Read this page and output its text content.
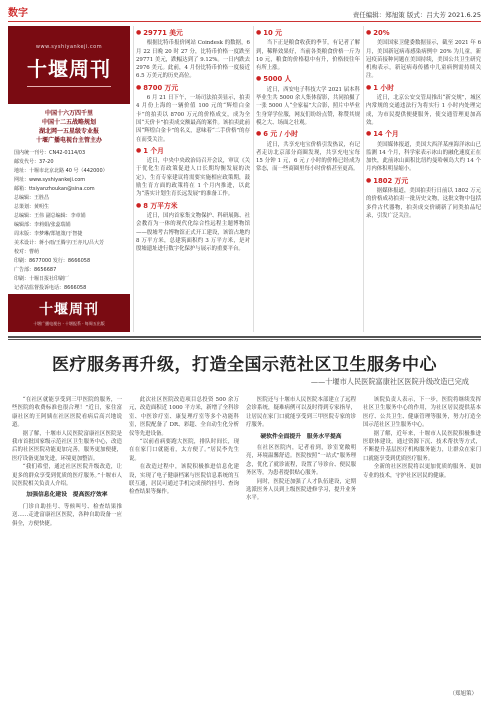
数字	责任编辑：郑旭策 版式：吕大芳 2021.6.25
www.syshiyankeji.com
十堰周刊
中国十六万四千里
中国十二五战略规划
湖北网一五星级专业报
十堰广播电视台主管主办
国内统一刊号：CN42-0114/03
邮发代号：37-20
地址：十堰市北京北路 40 号（442000）
网址：www.syshiyankeji.com
邮箱：ttsiyanzhoukan@sina.com
总编辑：王胜昌
总策划：黄明生
总编辑：王伟 副总编辑：李章娟
编辑部：李莉娟/张蕊瑞娟
周末版：李梦琳/郑旭策/于智捷
美术设计：蒋小雨/王腾宇/王亦凡/吕大芳
校对：曹萌
印刷：8677000 发行：8666058
广告部：8656687
印刷：十堰日报社印刷厂
记者站监督投诉电话：8666058
十堰周刊
十堰广播电视台 · 十堰报系 · 每周五出版
● 29771 美元

根据比特币报价网站 Coindesk 的数据，6 月 22 日晚 20 时 27 分，比特币价格一度跌至 29771 美元，跌幅达到了 9.12%。一日内跌去 2976 美元。此前，4 月份比特币价格一度接近 6.5 万美元的历史高位。

● 8700 万元

6 月 21 日下午，一场司法拍卖显示，拍卖 4 月份上海的一辆价值 100 元的“辉煌白金卡”的拍卖以 8700 万元的价格成交，成为全国“天价卡”拍卖成交额最高的案件。该拍卖此前因“辉煌白金卡”的名义，意味着“二手价格”的存在而受关注。

● 1 个月

近日，中央中央政治局召开会议，审议《关于优化生育政策促进人口长期均衡发展的决定》，生育专家建议将需要实施相应政策期，鼓励生育方面的政策将在 1 个月内推进，以此为“落实计划生育长远发展”的准备工作。

● 8 万平方米

近日，国内首家集文物保护、科研展陈、社会教育为一体的现代化综合性远程主题博物馆——殷墟考古博物馆正式开工建设，该馆占地约 8 万平方米，总建筑面积约 3 万平方米，是对殷墟遗址进行数字化保护与展示的重要平台。

● 10 元

当下正是粮食收获的季节，有记者了解到，稀释效果好，当前各类粮食价格一斤为 10 元，粮食的价格稳中有升，价格较往年有所上涨。

● 5000 人

近日，西安电子科技大学 2021 届本科毕业生共 5000 余人集体留影，共同拍摄了一张 5000 人“全家福”大合影，照片中毕业生身穿学位服，网友们纷纷点赞，称赞其规模之大、场面之壮观。

● 6 元 / 小时

近日，共享充电宝价格引发热议，有记者走访北京部分商圈发现，共享充电宝每 15 分钟 1 元，6 元 / 小时的价格已经成为常态，而一些商圈里每小时价格甚至更高。

● 20%

美国国家卫健委数据显示，截至 2021 年 6 月，美国新冠病毒感染病例中 20% 为儿童，新冠疫苗接种问题在美国持续，美国公共卫生研究机构表示，新冠病毒传播中儿童病例需持续关注。

● 1 小时

近日，北京公安交管局推出“新交规”，城区内常规的交通违法行为将实行 1 小时内处理完成，为市民提供便捷服务，使交通管理更加高效。

● 14 个月

美国媒体报道，美国大西洋某座海洋冰山已监测 14 个月，科学家表示冰山的融化速度正在加快，此前冰山面积比纽约曼哈顿岛大约 14 个月内体积明显缩小。

● 1802 万元

据媒体报道，美国拍卖行日前以 1802 万元的价格成功拍卖一批历史文物，这批文物中包括多件古代器物，拍卖成交价刷新了同类拍品纪录，引发广泛关注。

医疗服务再升级，打造全国示范社区卫生服务中心
——十堰市人民医院富康社区医院升级改造已完成

“在社区就能享受到三甲医院的服务，一些医院的收费标准也很合理！”近日，家住富康社区的王阿姨在社区医院看病后高兴地说道。

据了解，十堰市人民医院富康社区医院是我市首批国家级示范社区卫生服务中心，改造后的社区医院功能更加完善，服务更加便捷，医疗设备更加先进，环境更加整洁。

“我们希望，通过社区医院升级改造，让更多的群众享受到优质的医疗服务。”十堰市人民医院相关负责人介绍。

加强信息化建设　提高医疗效率

门诊自助挂号、等候叫号、检查结果推送……走进富康社区医院，各种自助设备一应俱全，方便快捷。

此次社区医院改造项目总投资 500 余万元，改造面积近 1000 平方米，新增了全科诊室、中医诊疗室、康复理疗室等多个功能科室，医院配备了 DR、彩超、全自动生化分析仪等先进设备。

“以前看病要跑大医院，排队时间长，现在在家门口就能看，太方便了。”居民李先生说。

在改造过程中，该院积极推进信息化建设，实现了电子健康档案与医院信息系统的互联互通，居民可通过手机完成预约挂号、查询检查结果等操作。

医院还与十堰市人民医院本部建立了远程会诊系统，疑难病例可以及时得到专家指导，让居民在家门口就能享受到三甲医院专家的诊疗服务。

硬软件全面提升　服务水平提高

在社区医院内，记者看到，诊室宽敞明亮，环境温馨舒适。医院按照“一站式”服务理念，优化了就诊流程，设置了导诊台、便民服务区等，为患者提供贴心服务。

同时，医院还加强了人才队伍建设，定期选派医务人员到上级医院进修学习，提升业务水平。

该院负责人表示，下一步，医院将继续发挥社区卫生服务中心的作用，为社区居民提供基本医疗、公共卫生、健康管理等服务，努力打造全国示范社区卫生服务中心。

据了解，近年来，十堰市人民医院积极推进医联体建设，通过资源下沉、技术帮扶等方式，不断提升基层医疗机构服务能力，让群众在家门口就能享受到优质医疗服务。

全新的社区医院将以更加优质的服务、更加专业的技术，守护社区居民的健康。

（郑旭策）
